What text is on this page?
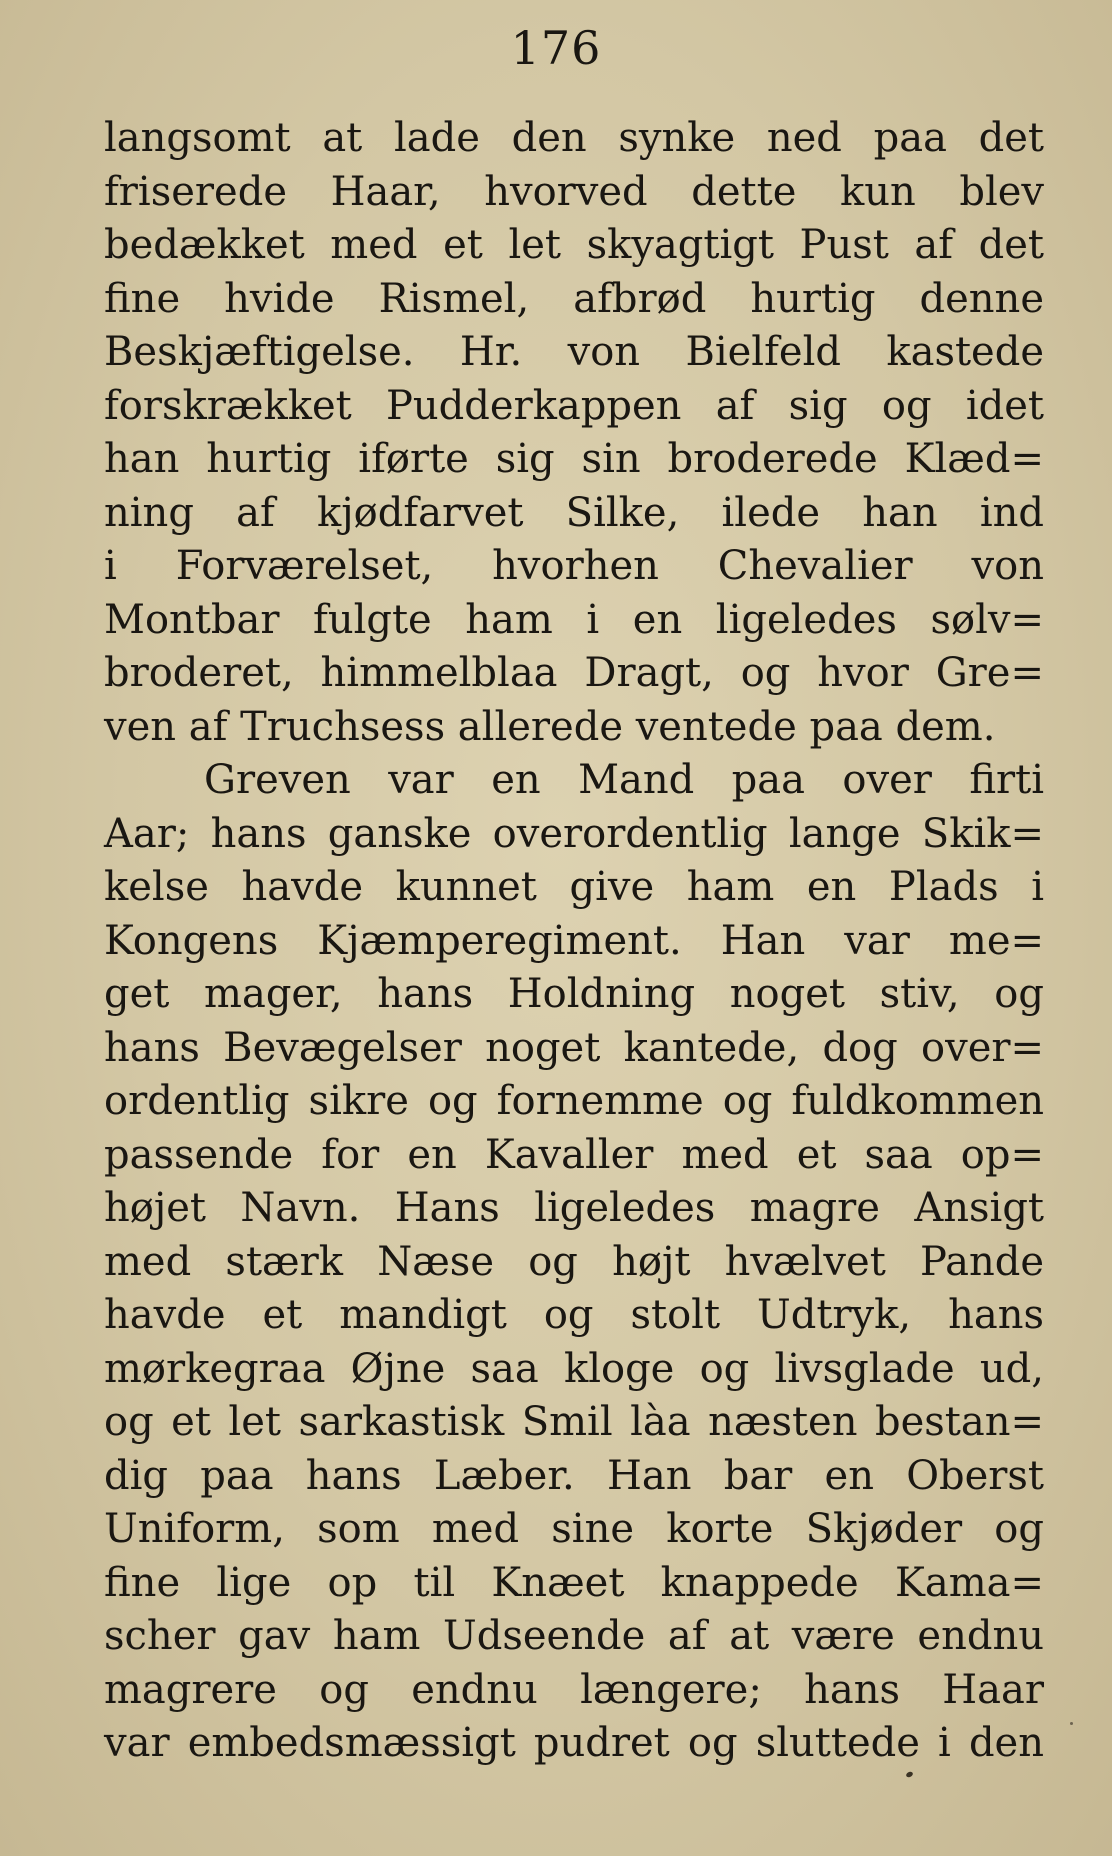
176
langsomt at lade den synke ned paa det
friserede Haar, hvorved dette kun blev
bedækket med et let skyagtigt Pust af det
fine hvide Rismel, afbrød hurtig denne
Beskjæftigelse. Hr. von Bielfeld kastede
forskrækket Pudderkappen af sig og idet
han hurtig iførte sig sin broderede Klæd=
ning af kjødfarvet Silke, ilede han ind
i Forværelset, hvorhen Chevalier von
Montbar fulgte ham i en ligeledes sølv=
broderet, himmelblaa Dragt, og hvor Gre=
ven af Truchsess allerede ventede paa dem.
Greven var en Mand paa over firti
Aar; hans ganske overordentlig lange Skik=
kelse havde kunnet give ham en Plads i
Kongens Kjæmperegiment. Han var me=
get mager, hans Holdning noget stiv, og
hans Bevægelser noget kantede, dog over=
ordentlig sikre og fornemme og fuldkommen
passende for en Kavaller med et saa op=
højet Navn. Hans ligeledes magre Ansigt
med stærk Næse og højt hvælvet Pande
havde et mandigt og stolt Udtryk, hans
mørkegraa Øjne saa kloge og livsglade ud,
og et let sarkastisk Smil làa næsten bestan=
dig paa hans Læber. Han bar en Oberst Uniform, som med sine korte Skjøder og
fine lige op til Knæet knappede Kama=
scher gav ham Udseende af at være endnu
magrere og endnu længere; hans Haar
var embedsmæssigt pudret og sluttede i den
